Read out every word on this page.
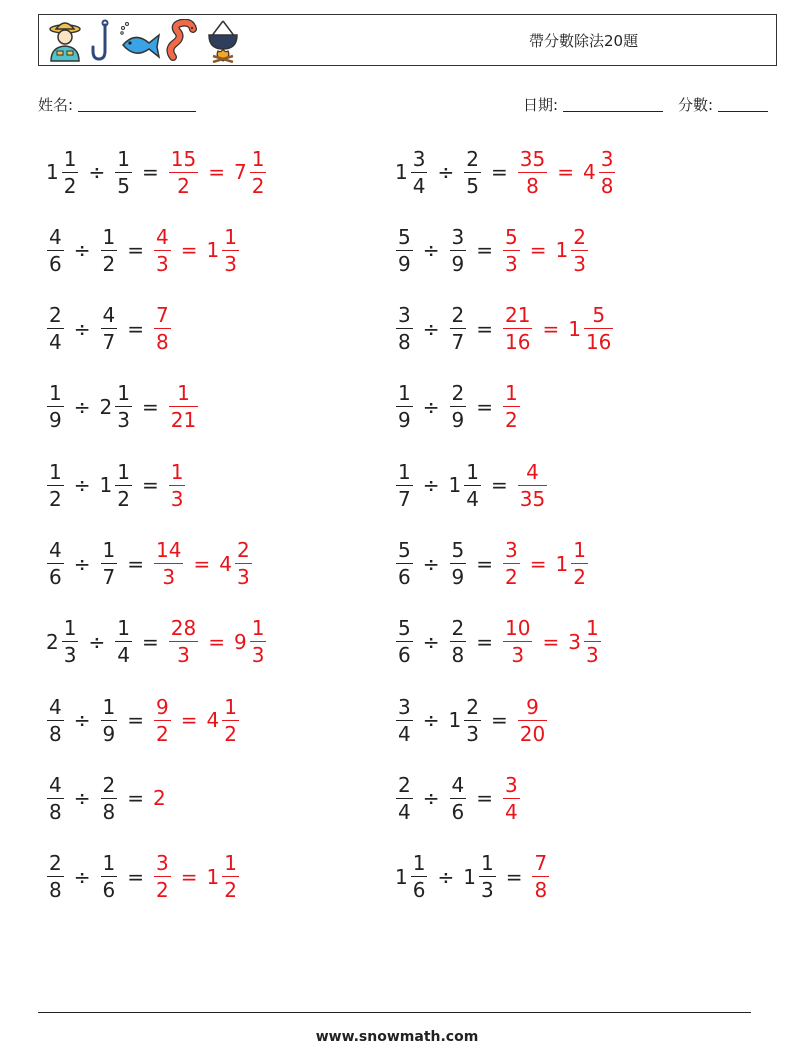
帶分數除法20題
姓名:	日期:	分數:
$1 \frac{1}{2} \div \frac{1}{5} = \frac{15}{2} = 7 \frac{1}{2}$	$1 \frac{3}{4} \div \frac{2}{5} = \frac{35}{8} = 4 \frac{3}{8}$
$\frac{4}{6} \div \frac{1}{2} = \frac{4}{3} = 1 \frac{1}{3}$	$\frac{5}{9} \div \frac{3}{9} = \frac{5}{3} = 1 \frac{2}{3}$
$\frac{2}{4} \div \frac{4}{7} = \frac{7}{8}$	$\frac{3}{8} \div \frac{2}{7} = \frac{21}{16} = 1 \frac{5}{16}$
$\frac{1}{9} \div 2 \frac{1}{3} = \frac{1}{21}$	$\frac{1}{9} \div \frac{2}{9} = \frac{1}{2}$
$\frac{1}{2} \div 1 \frac{1}{2} = \frac{1}{3}$	$\frac{1}{7} \div 1 \frac{1}{4} = \frac{4}{35}$
$\frac{4}{6} \div \frac{1}{7} = \frac{14}{3} = 4 \frac{2}{3}$	$\frac{5}{6} \div \frac{5}{9} = \frac{3}{2} = 1 \frac{1}{2}$
$2 \frac{1}{3} \div \frac{1}{4} = \frac{28}{3} = 9 \frac{1}{3}$	$\frac{5}{6} \div \frac{2}{8} = \frac{10}{3} = 3 \frac{1}{3}$
$\frac{4}{8} \div \frac{1}{9} = \frac{9}{2} = 4 \frac{1}{2}$	$\frac{3}{4} \div 1 \frac{2}{3} = \frac{9}{20}$
$\frac{4}{8} \div \frac{2}{8} = 2$	$\frac{2}{4} \div \frac{4}{6} = \frac{3}{4}$
$\frac{2}{8} \div \frac{1}{6} = \frac{3}{2} = 1 \frac{1}{2}$	$1 \frac{1}{6} \div 1 \frac{1}{3} = \frac{7}{8}$
www.snowmath.com
